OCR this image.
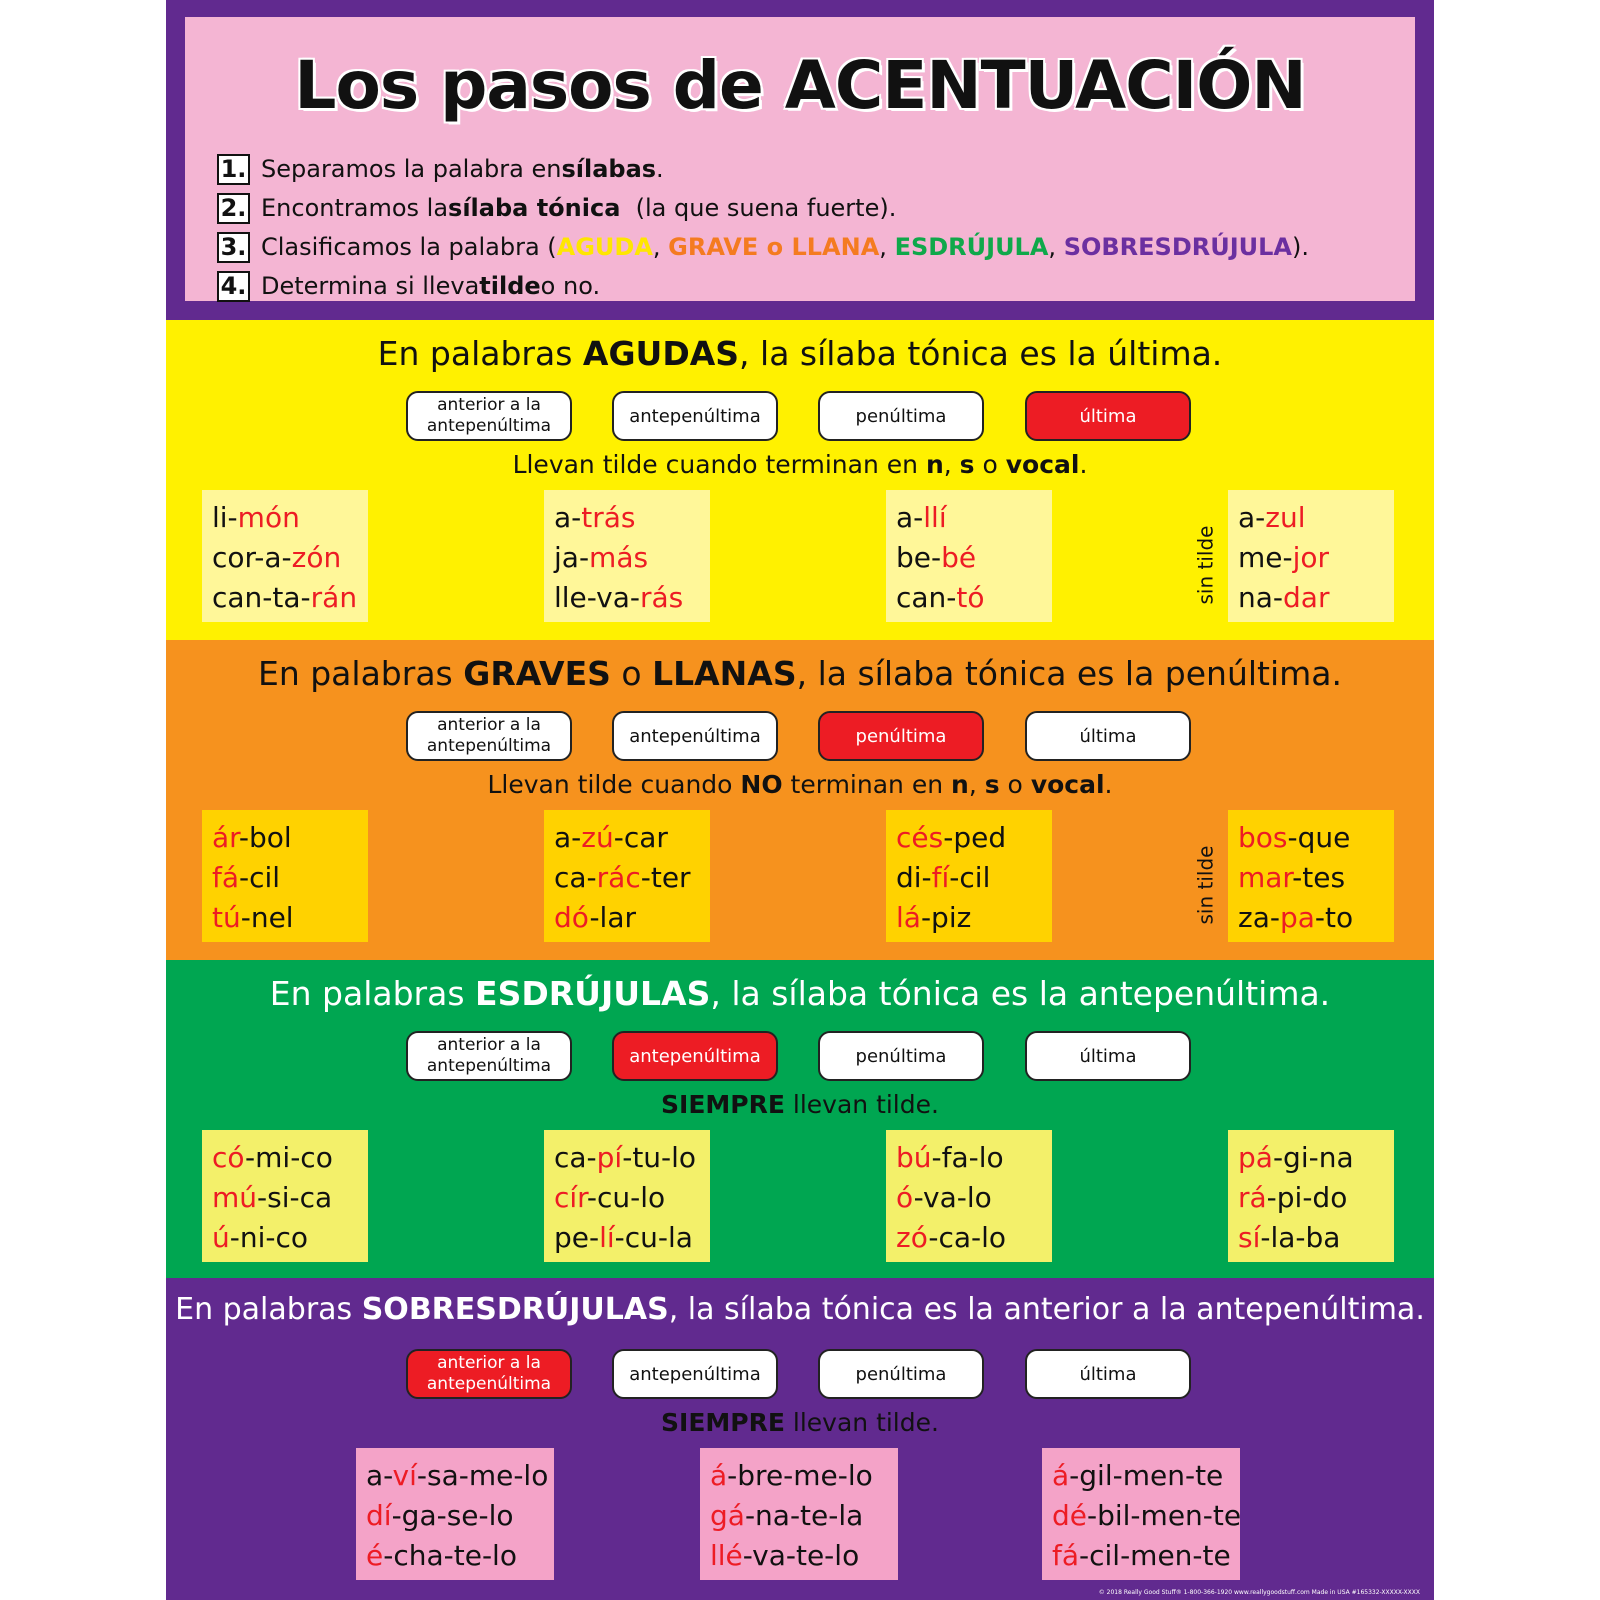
Los pasos de ACENTUACIÓN
1. Separamos la palabra en sílabas .
2. Encontramos la sílaba tónica (la que suena fuerte).
3. Clasificamos la palabra ( AGUDA , GRAVE o LLANA , ESDRÚJULA , SOBRESDRÚJULA ).
4. Determina si lleva tilde o no.
En palabras AGUDAS, la sílaba tónica es la última.
anterior a la
antepenúltima	antepenúltima	penúltima	última
Llevan tilde cuando terminan en n, s o vocal.
li-món
cor-a-zón
can-ta-rán
a-trás
ja-más
lle-va-rás
a-llí
be-bé
can-tó	sin tilde
a-zul
me-jor
na-dar
En palabras GRAVES o LLANAS, la sílaba tónica es la penúltima.
anterior a la
antepenúltima	antepenúltima	penúltima	última
Llevan tilde cuando NO terminan en n, s o vocal.
ár-bol
fá-cil
tú-nel
a-zú-car
ca-rác-ter
dó-lar
cés-ped
di-fí-cil
lá-piz	sin tilde
bos-que
mar-tes
za-pa-to
En palabras ESDRÚJULAS, la sílaba tónica es la antepenúltima.
anterior a la
antepenúltima	antepenúltima	penúltima	última
SIEMPRE llevan tilde.
có-mi-co
mú-si-ca
ú-ni-co
ca-pí-tu-lo
cír-cu-lo
pe-lí-cu-la
bú-fa-lo
ó-va-lo
zó-ca-lo
pá-gi-na
rá-pi-do
sí-la-ba
En palabras SOBRESDRÚJULAS, la sílaba tónica es la anterior a la antepenúltima.
anterior a la
antepenúltima	antepenúltima	penúltima	última
SIEMPRE llevan tilde.
a-ví-sa-me-lo
dí-ga-se-lo
é-cha-te-lo
á-bre-me-lo
gá-na-te-la
llé-va-te-lo
á-gil-men-te
dé-bil-men-te
fá-cil-men-te
© 2018 Really Good Stuff® 1-800-366-1920 www.reallygoodstuff.com Made in USA #165332-XXXXX-XXXX
